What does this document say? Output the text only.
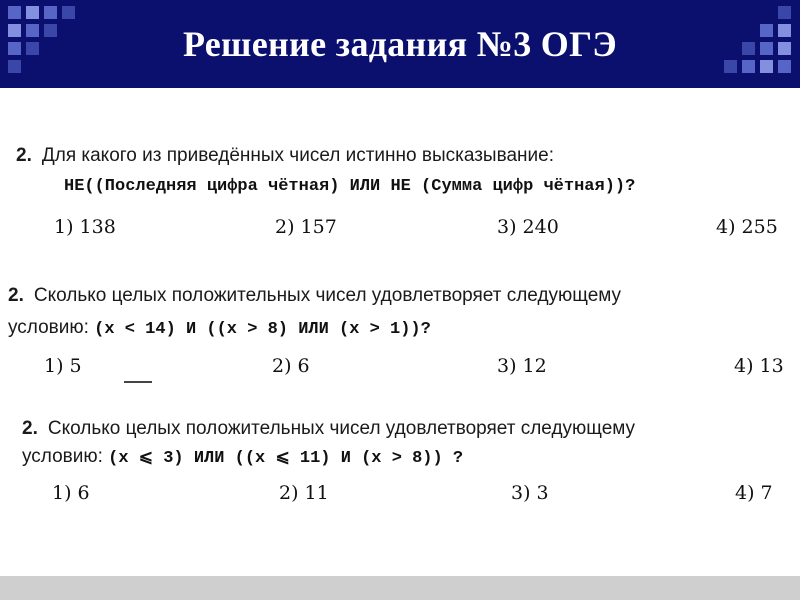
Решение задания №3 ОГЭ
2. Для какого из приведённых чисел истинно высказывание:
НЕ((Последняя цифра чётная) ИЛИ НЕ (Сумма цифр чётная))?
1) 138	2) 157	3) 240	4) 255
2. Сколько целых положительных чисел удовлетворяет следующему
условию: (x < 14) И ((x > 8) ИЛИ (x > 1))?
1) 5	2) 6	3) 12	4) 13
2. Сколько целых положительных чисел удовлетворяет следующему
условию: (x ⩽ 3) ИЛИ ((x ⩽ 11) И (x > 8)) ?
1) 6	2) 11	3) 3	4) 7
